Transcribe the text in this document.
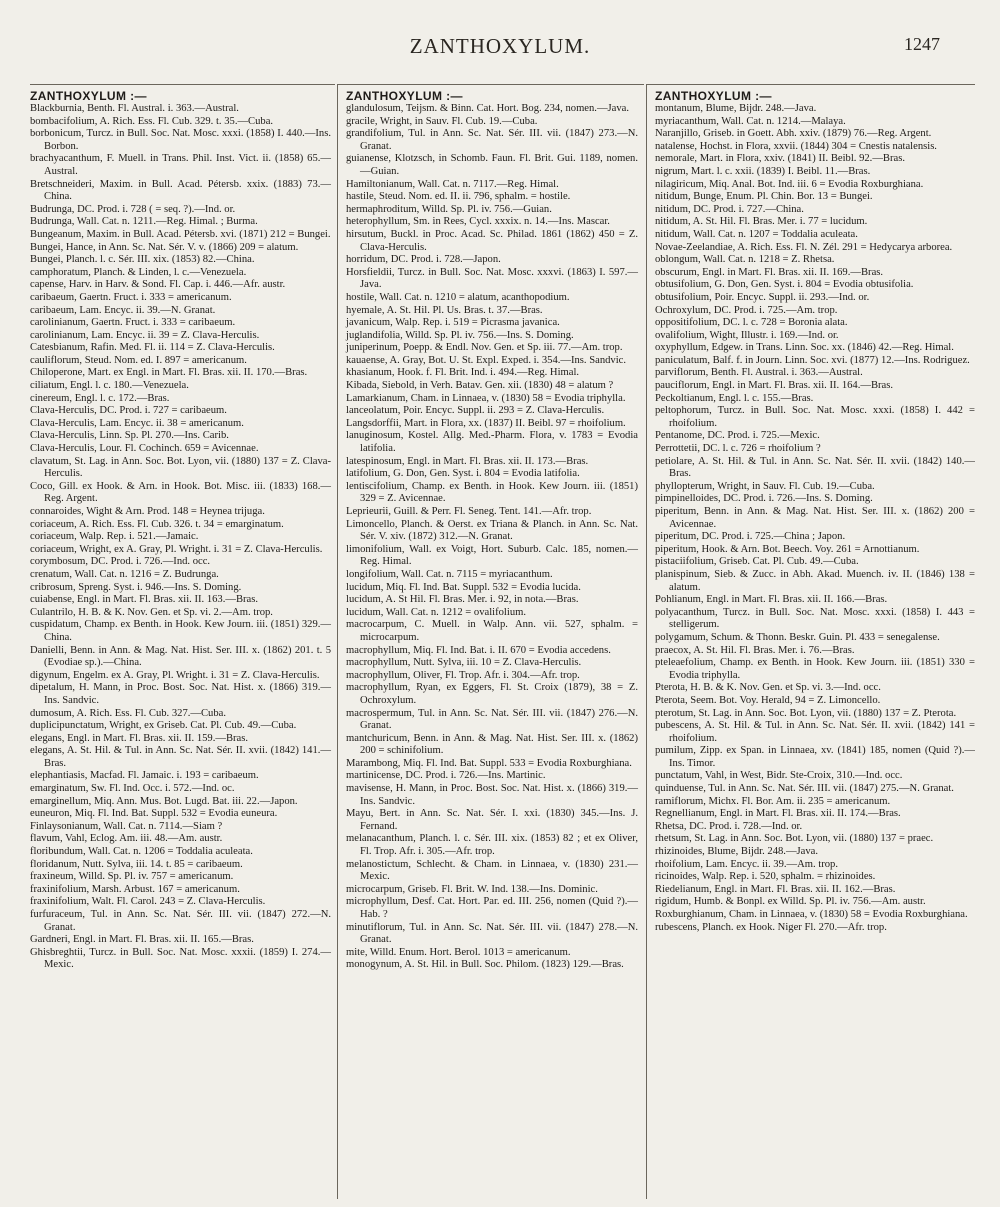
ZANTHOXYLUM.	1247
ZANTHOXYLUM :—
Blackburnia, Benth. Fl. Austral. i. 363.—Austral.
bombacifolium, A. Rich. Ess. Fl. Cub. 329. t. 35.—Cuba.
borbonicum, Turcz. in Bull. Soc. Nat. Mosc. xxxi. (1858) I. 440.—Ins. Borbon.
brachyacanthum, F. Muell. in Trans. Phil. Inst. Vict. ii. (1858) 65.—Austral.
Bretschneideri, Maxim. in Bull. Acad. Pétersb. xxix. (1883) 73.—China.
Budrunga, DC. Prod. i. 728 ( = seq. ?).—Ind. or.
Budrunga, Wall. Cat. n. 1211.—Reg. Himal. ; Burma.
Bungeanum, Maxim. in Bull. Acad. Pétersb. xvi. (1871) 212 = Bungei.
Bungei, Hance, in Ann. Sc. Nat. Sér. V. v. (1866) 209 = alatum.
Bungei, Planch. l. c. Sér. III. xix. (1853) 82.—China.
camphoratum, Planch. & Linden, l. c.—Venezuela.
capense, Harv. in Harv. & Sond. Fl. Cap. i. 446.—Afr. austr.
caribaeum, Gaertn. Fruct. i. 333 = americanum.
caribaeum, Lam. Encyc. ii. 39.—N. Granat.
carolinianum, Gaertn. Fruct. i. 333 = caribaeum.
carolinianum, Lam. Encyc. ii. 39 = Z. Clava-Herculis.
Catesbianum, Rafin. Med. Fl. ii. 114 = Z. Clava-Herculis.
cauliflorum, Steud. Nom. ed. I. 897 = americanum.
Chiloperone, Mart. ex Engl. in Mart. Fl. Bras. xii. II. 170.—Bras.
ciliatum, Engl. l. c. 180.—Venezuela.
cinereum, Engl. l. c. 172.—Bras.
Clava-Herculis, DC. Prod. i. 727 = caribaeum.
Clava-Herculis, Lam. Encyc. ii. 38 = americanum.
Clava-Herculis, Linn. Sp. Pl. 270.—Ins. Carib.
Clava-Herculis, Lour. Fl. Cochinch. 659 = Avicennae.
clavatum, St. Lag. in Ann. Soc. Bot. Lyon, vii. (1880) 137 = Z. Clava-Herculis.
Coco, Gill. ex Hook. & Arn. in Hook. Bot. Misc. iii. (1833) 168.—Reg. Argent.
connaroides, Wight & Arn. Prod. 148 = Heynea trijuga.
coriaceum, A. Rich. Ess. Fl. Cub. 326. t. 34 = emarginatum.
coriaceum, Walp. Rep. i. 521.—Jamaic.
coriaceum, Wright, ex A. Gray, Pl. Wright. i. 31 = Z. Clava-Herculis.
corymbosum, DC. Prod. i. 726.—Ind. occ.
crenatum, Wall. Cat. n. 1216 = Z. Budrunga.
cribrosum, Spreng. Syst. i. 946.—Ins. S. Doming.
cuiabense, Engl. in Mart. Fl. Bras. xii. II. 163.—Bras.
Culantrilo, H. B. & K. Nov. Gen. et Sp. vi. 2.—Am. trop.
cuspidatum, Champ. ex Benth. in Hook. Kew Journ. iii. (1851) 329.—China.
Danielli, Benn. in Ann. & Mag. Nat. Hist. Ser. III. x. (1862) 201. t. 5 (Evodiae sp.).—China.
digynum, Engelm. ex A. Gray, Pl. Wright. i. 31 = Z. Clava-Herculis.
dipetalum, H. Mann, in Proc. Bost. Soc. Nat. Hist. x. (1866) 319.—Ins. Sandvic.
dumosum, A. Rich. Ess. Fl. Cub. 327.—Cuba.
duplicipunctatum, Wright, ex Griseb. Cat. Pl. Cub. 49.—Cuba.
elegans, Engl. in Mart. Fl. Bras. xii. II. 159.—Bras.
elegans, A. St. Hil. & Tul. in Ann. Sc. Nat. Sér. II. xvii. (1842) 141.—Bras.
elephantiasis, Macfad. Fl. Jamaic. i. 193 = caribaeum.
emarginatum, Sw. Fl. Ind. Occ. i. 572.—Ind. oc.
emarginellum, Miq. Ann. Mus. Bot. Lugd. Bat. iii. 22.—Japon.
euneuron, Miq. Fl. Ind. Bat. Suppl. 532 = Evodia euneura.
Finlaysonianum, Wall. Cat. n. 7114.—Siam ?
flavum, Vahl, Eclog. Am. iii. 48.—Am. austr.
floribundum, Wall. Cat. n. 1206 = Toddalia aculeata.
floridanum, Nutt. Sylva, iii. 14. t. 85 = caribaeum.
fraxineum, Willd. Sp. Pl. iv. 757 = americanum.
fraxinifolium, Marsh. Arbust. 167 = americanum.
fraxinifolium, Walt. Fl. Carol. 243 = Z. Clava-Herculis.
furfuraceum, Tul. in Ann. Sc. Nat. Sér. III. vii. (1847) 272.—N. Granat.
Gardneri, Engl. in Mart. Fl. Bras. xii. II. 165.—Bras.
Ghisbreghtii, Turcz. in Bull. Soc. Nat. Mosc. xxxii. (1859) I. 274.—Mexic.
ZANTHOXYLUM :—
glandulosum, Teijsm. & Binn. Cat. Hort. Bog. 234, nomen.—Java.
gracile, Wright, in Sauv. Fl. Cub. 19.—Cuba.
grandifolium, Tul. in Ann. Sc. Nat. Sér. III. vii. (1847) 273.—N. Granat.
guianense, Klotzsch, in Schomb. Faun. Fl. Brit. Gui. 1189, nomen.—Guian.
Hamiltonianum, Wall. Cat. n. 7117.—Reg. Himal.
hastile, Steud. Nom. ed. II. ii. 796, sphalm. = hostile.
hermaphroditum, Willd. Sp. Pl. iv. 756.—Guian.
heterophyllum, Sm. in Rees, Cycl. xxxix. n. 14.—Ins. Mascar.
hirsutum, Buckl. in Proc. Acad. Sc. Philad. 1861 (1862) 450 = Z. Clava-Herculis.
horridum, DC. Prod. i. 728.—Japon.
Horsfieldii, Turcz. in Bull. Soc. Nat. Mosc. xxxvi. (1863) I. 597.—Java.
hostile, Wall. Cat. n. 1210 = alatum, acanthopodium.
hyemale, A. St. Hil. Pl. Us. Bras. t. 37.—Bras.
javanicum, Walp. Rep. i. 519 = Picrasma javanica.
juglandifolia, Willd. Sp. Pl. iv. 756.—Ins. S. Doming.
juniperinum, Poepp. & Endl. Nov. Gen. et Sp. iii. 77.—Am. trop.
kauaense, A. Gray, Bot. U. St. Expl. Exped. i. 354.—Ins. Sandvic.
khasianum, Hook. f. Fl. Brit. Ind. i. 494.—Reg. Himal.
Kibada, Siebold, in Verh. Batav. Gen. xii. (1830) 48 = alatum ?
Lamarkianum, Cham. in Linnaea, v. (1830) 58 = Evodia triphylla.
lanceolatum, Poir. Encyc. Suppl. ii. 293 = Z. Clava-Herculis.
Langsdorffii, Mart. in Flora, xx. (1837) II. Beibl. 97 = rhoifolium.
lanuginosum, Kostel. Allg. Med.-Pharm. Flora, v. 1783 = Evodia latifolia.
latespinosum, Engl. in Mart. Fl. Bras. xii. II. 173.—Bras.
latifolium, G. Don, Gen. Syst. i. 804 = Evodia latifolia.
lentiscifolium, Champ. ex Benth. in Hook. Kew Journ. iii. (1851) 329 = Z. Avicennae.
Leprieurii, Guill. & Perr. Fl. Seneg. Tent. 141.—Afr. trop.
Limoncello, Planch. & Oerst. ex Triana & Planch. in Ann. Sc. Nat. Sér. V. xiv. (1872) 312.—N. Granat.
limonifolium, Wall. ex Voigt, Hort. Suburb. Calc. 185, nomen.—Reg. Himal.
longifolium, Wall. Cat. n. 7115 = myriacanthum.
lucidum, Miq. Fl. Ind. Bat. Suppl. 532 = Evodia lucida.
lucidum, A. St Hil. Fl. Bras. Mer. i. 92, in nota.—Bras.
lucidum, Wall. Cat. n. 1212 = ovalifolium.
macrocarpum, C. Muell. in Walp. Ann. vii. 527, sphalm. = microcarpum.
macrophyllum, Miq. Fl. Ind. Bat. i. II. 670 = Evodia accedens.
macrophyllum, Nutt. Sylva, iii. 10 = Z. Clava-Herculis.
macrophyllum, Oliver, Fl. Trop. Afr. i. 304.—Afr. trop.
macrophyllum, Ryan, ex Eggers, Fl. St. Croix (1879), 38 = Z. Ochroxylum.
macrospermum, Tul. in Ann. Sc. Nat. Sér. III. vii. (1847) 276.—N. Granat.
mantchuricum, Benn. in Ann. & Mag. Nat. Hist. Ser. III. x. (1862) 200 = schinifolium.
Marambong, Miq. Fl. Ind. Bat. Suppl. 533 = Evodia Roxburghiana.
martinicense, DC. Prod. i. 726.—Ins. Martinic.
mavisense, H. Mann, in Proc. Bost. Soc. Nat. Hist. x. (1866) 319.—Ins. Sandvic.
Mayu, Bert. in Ann. Sc. Nat. Sér. I. xxi. (1830) 345.—Ins. J. Fernand.
melanacanthum, Planch. l. c. Sér. III. xix. (1853) 82 ; et ex Oliver, Fl. Trop. Afr. i. 305.—Afr. trop.
melanostictum, Schlecht. & Cham. in Linnaea, v. (1830) 231.—Mexic.
microcarpum, Griseb. Fl. Brit. W. Ind. 138.—Ins. Dominic.
microphyllum, Desf. Cat. Hort. Par. ed. III. 256, nomen (Quid ?).—Hab. ?
minutiflorum, Tul. in Ann. Sc. Nat. Sér. III. vii. (1847) 278.—N. Granat.
mite, Willd. Enum. Hort. Berol. 1013 = americanum.
monogynum, A. St. Hil. in Bull. Soc. Philom. (1823) 129.—Bras.
ZANTHOXYLUM :—
montanum, Blume, Bijdr. 248.—Java.
myriacanthum, Wall. Cat. n. 1214.—Malaya.
Naranjillo, Griseb. in Goett. Abh. xxiv. (1879) 76.—Reg. Argent.
natalense, Hochst. in Flora, xxvii. (1844) 304 = Cnestis natalensis.
nemorale, Mart. in Flora, xxiv. (1841) II. Beibl. 92.—Bras.
nigrum, Mart. l. c. xxii. (1839) I. Beibl. 11.—Bras.
nilagiricum, Miq. Anal. Bot. Ind. iii. 6 = Evodia Roxburghiana.
nitidum, Bunge, Enum. Pl. Chin. Bor. 13 = Bungei.
nitidum, DC. Prod. i. 727.—China.
nitidum, A. St. Hil. Fl. Bras. Mer. i. 77 = lucidum.
nitidum, Wall. Cat. n. 1207 = Toddalia aculeata.
Novae-Zeelandiae, A. Rich. Ess. Fl. N. Zél. 291 = Hedycarya arborea.
oblongum, Wall. Cat. n. 1218 = Z. Rhetsa.
obscurum, Engl. in Mart. Fl. Bras. xii. II. 169.—Bras.
obtusifolium, G. Don, Gen. Syst. i. 804 = Evodia obtusifolia.
obtusifolium, Poir. Encyc. Suppl. ii. 293.—Ind. or.
Ochroxylum, DC. Prod. i. 725.—Am. trop.
oppositifolium, DC. l. c. 728 = Boronia alata.
ovalifolium, Wight, Illustr. i. 169.—Ind. or.
oxyphyllum, Edgew. in Trans. Linn. Soc. xx. (1846) 42.—Reg. Himal.
paniculatum, Balf. f. in Journ. Linn. Soc. xvi. (1877) 12.—Ins. Rodriguez.
parviflorum, Benth. Fl. Austral. i. 363.—Austral.
pauciflorum, Engl. in Mart. Fl. Bras. xii. II. 164.—Bras.
Peckoltianum, Engl. l. c. 155.—Bras.
peltophorum, Turcz. in Bull. Soc. Nat. Mosc. xxxi. (1858) I. 442 = rhoifolium.
Pentanome, DC. Prod. i. 725.—Mexic.
Perrottetii, DC. l. c. 726 = rhoifolium ?
petiolare, A. St. Hil. & Tul. in Ann. Sc. Nat. Sér. II. xvii. (1842) 140.—Bras.
phyllopterum, Wright, in Sauv. Fl. Cub. 19.—Cuba.
pimpinelloides, DC. Prod. i. 726.—Ins. S. Doming.
piperitum, Benn. in Ann. & Mag. Nat. Hist. Ser. III. x. (1862) 200 = Avicennae.
piperitum, DC. Prod. i. 725.—China ; Japon.
piperitum, Hook. & Arn. Bot. Beech. Voy. 261 = Arnottianum.
pistaciifolium, Griseb. Cat. Pl. Cub. 49.—Cuba.
planispinum, Sieb. & Zucc. in Abh. Akad. Muench. iv. II. (1846) 138 = alatum.
Pohlianum, Engl. in Mart. Fl. Bras. xii. II. 166.—Bras.
polyacanthum, Turcz. in Bull. Soc. Nat. Mosc. xxxi. (1858) I. 443 = stelligerum.
polygamum, Schum. & Thonn. Beskr. Guin. Pl. 433 = senegalense.
praecox, A. St. Hil. Fl. Bras. Mer. i. 76.—Bras.
pteleaefolium, Champ. ex Benth. in Hook. Kew Journ. iii. (1851) 330 = Evodia triphylla.
Pterota, H. B. & K. Nov. Gen. et Sp. vi. 3.—Ind. occ.
Pterota, Seem. Bot. Voy. Herald, 94 = Z. Limoncello.
pterotum, St. Lag. in Ann. Soc. Bot. Lyon, vii. (1880) 137 = Z. Pterota.
pubescens, A. St. Hil. & Tul. in Ann. Sc. Nat. Sér. II. xvii. (1842) 141 = rhoifolium.
pumilum, Zipp. ex Span. in Linnaea, xv. (1841) 185, nomen (Quid ?).—Ins. Timor.
punctatum, Vahl, in West, Bidr. Ste-Croix, 310.—Ind. occ.
quinduense, Tul. in Ann. Sc. Nat. Sér. III. vii. (1847) 275.—N. Granat.
ramiflorum, Michx. Fl. Bor. Am. ii. 235 = americanum.
Regnellianum, Engl. in Mart. Fl. Bras. xii. II. 174.—Bras.
Rhetsa, DC. Prod. i. 728.—Ind. or.
rhetsum, St. Lag. in Ann. Soc. Bot. Lyon, vii. (1880) 137 = praec.
rhizinoides, Blume, Bijdr. 248.—Java.
rhoifolium, Lam. Encyc. ii. 39.—Am. trop.
ricinoides, Walp. Rep. i. 520, sphalm. = rhizinoides.
Riedelianum, Engl. in Mart. Fl. Bras. xii. II. 162.—Bras.
rigidum, Humb. & Bonpl. ex Willd. Sp. Pl. iv. 756.—Am. austr.
Roxburghianum, Cham. in Linnaea, v. (1830) 58 = Evodia Roxburghiana.
rubescens, Planch. ex Hook. Niger Fl. 270.—Afr. trop.
